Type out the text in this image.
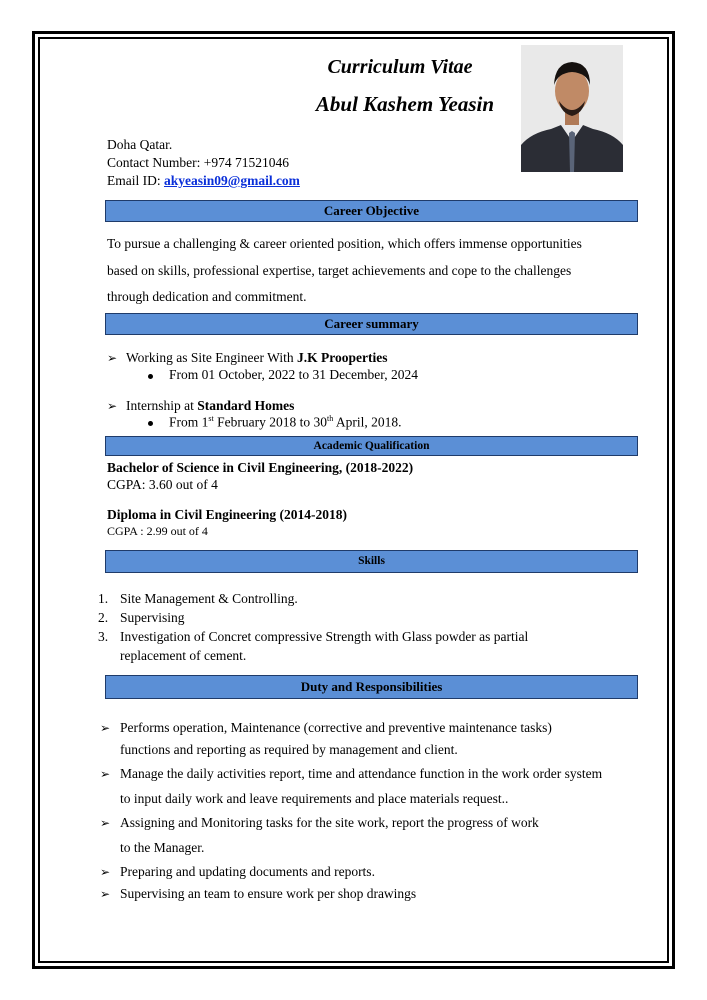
Curriculum Vitae
Abul Kashem Yeasin
Doha Qatar.
Contact Number: +974 71521046
Email ID: akyeasin09@gmail.com
Career Objective
To pursue a challenging & career oriented position, which offers immense opportunities
based on skills, professional expertise, target achievements and cope to the challenges
through dedication and commitment.
Career summary
➢ Working as Site Engineer With J.K Prooperties
From 01 October, 2022 to 31 December, 2024
➢ Internship at Standard Homes
From 1st February 2018 to 30th April, 2018.
Academic Qualification
Bachelor of Science in Civil Engineering, (2018-2022)
CGPA: 3.60 out of 4
Diploma in Civil Engineering (2014-2018)
CGPA : 2.99 out of 4
Skills
1. Site Management & Controlling.
2. Supervising
3. Investigation of Concret compressive Strength with Glass powder as partial
replacement of cement.
Duty and Responsibilities
➢ Performs operation, Maintenance (corrective and preventive maintenance tasks)
functions and reporting as required by management and client.
➢ Manage the daily activities report, time and attendance function in the work order system
to input daily work and leave requirements and place materials request..
➢ Assigning and Monitoring tasks for the site work, report the progress of work
to the Manager.
➢ Preparing and updating documents and reports.
➢ Supervising an team to ensure work per shop drawings
